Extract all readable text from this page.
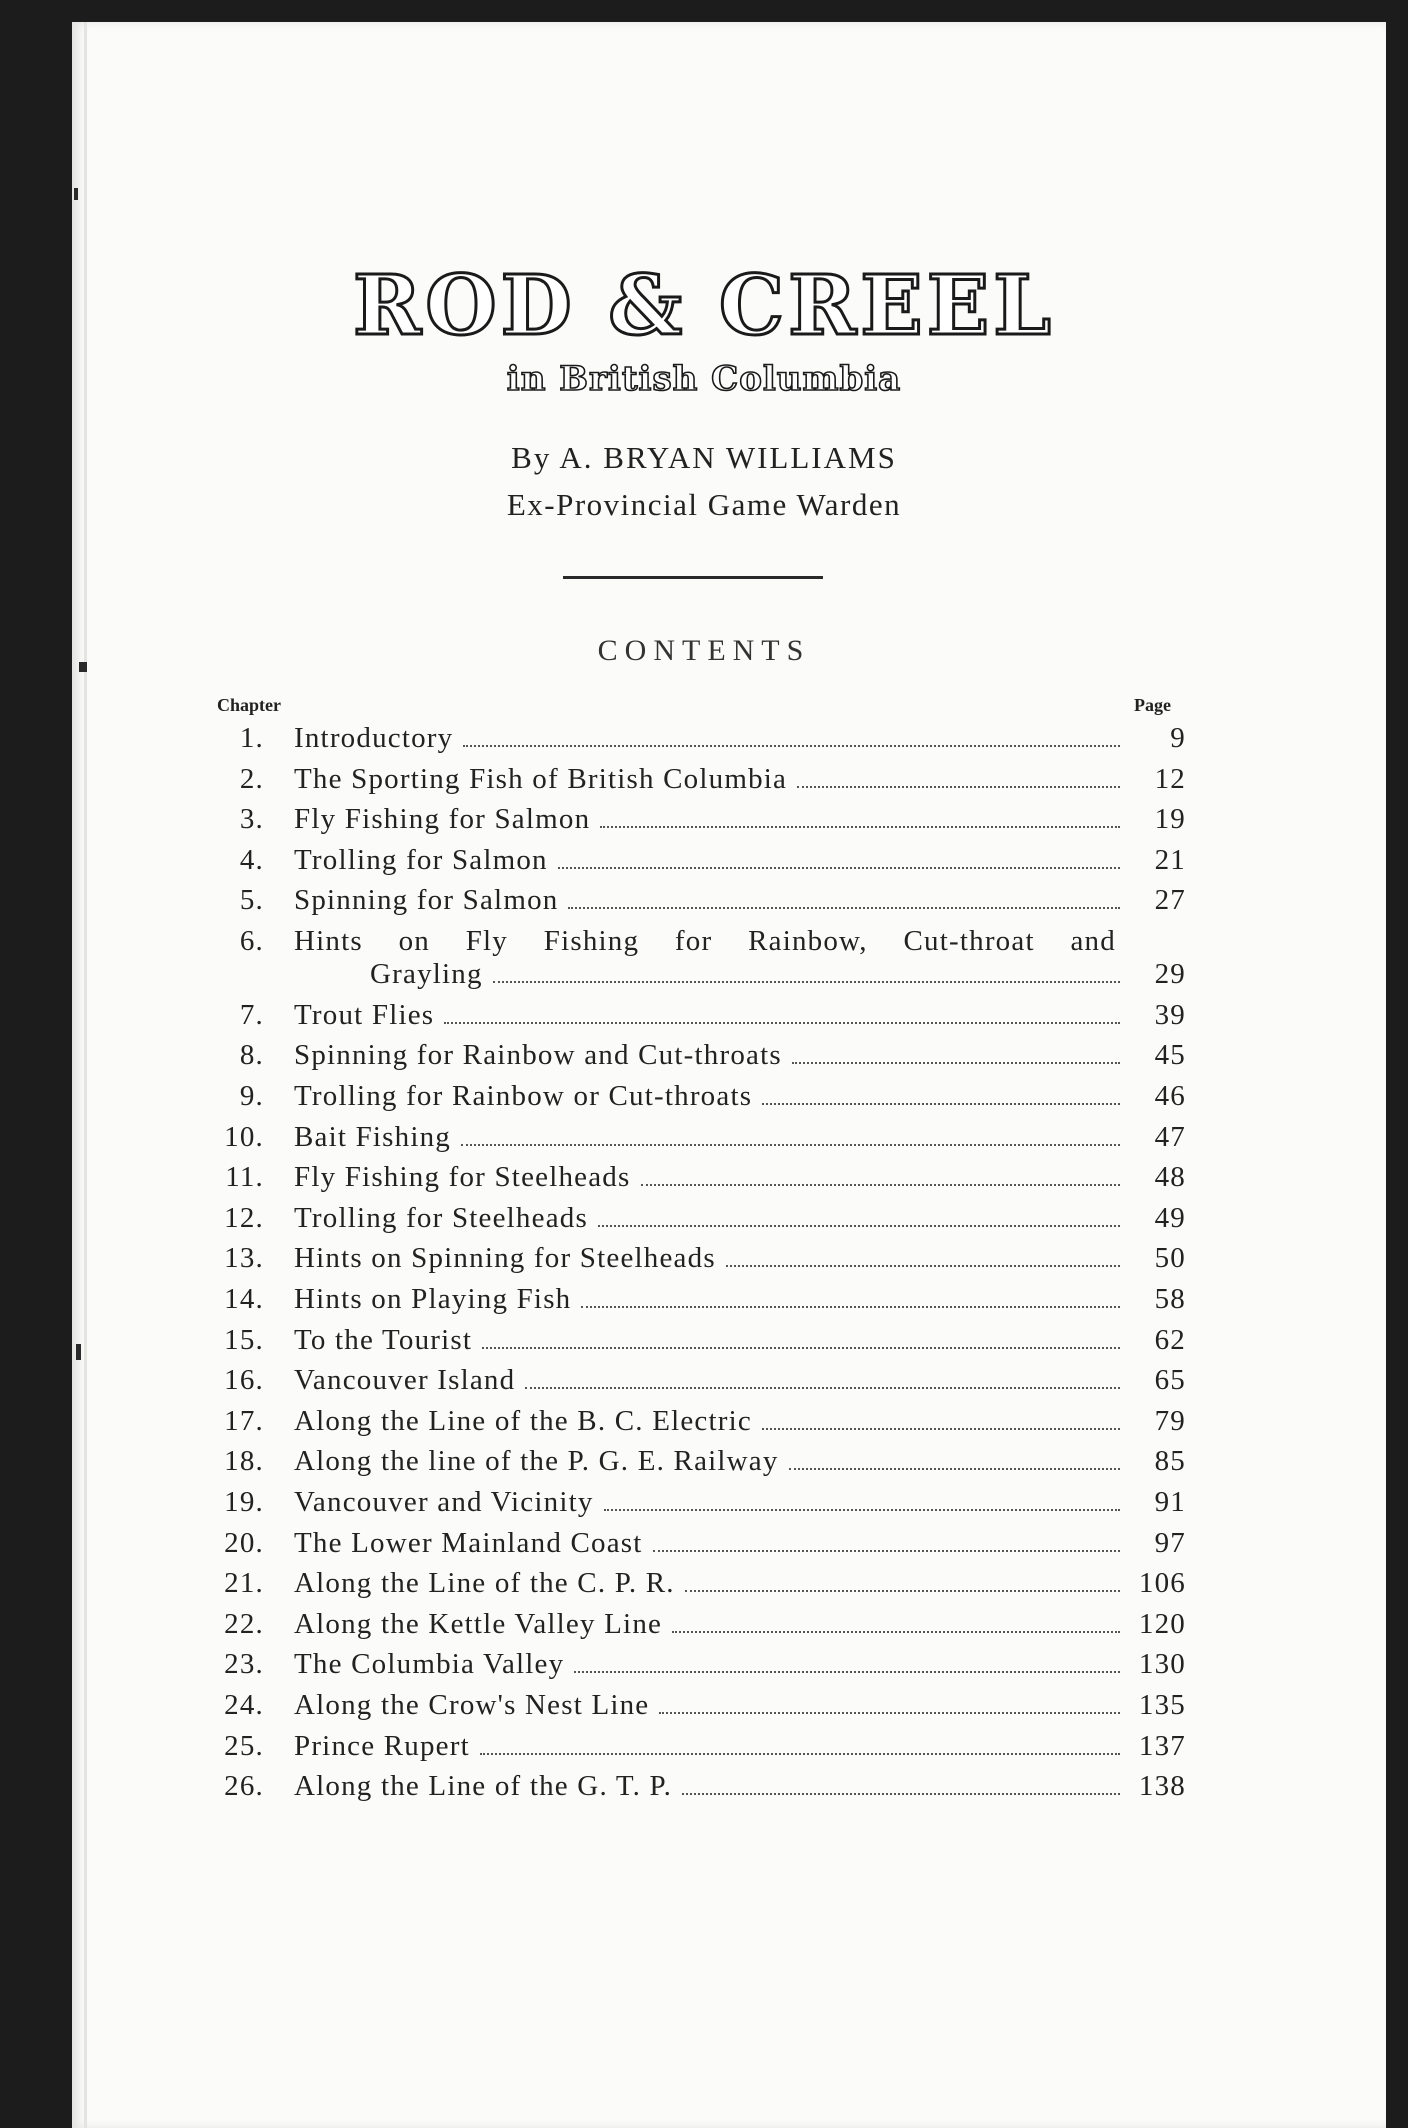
ROD & CREEL
in British Columbia
By A. BRYAN WILLIAMS
Ex-Provincial Game Warden
CONTENTS
Chapter	Page
1. Introductory	9
2. The Sporting Fish of British Columbia	12
3. Fly Fishing for Salmon	19
4. Trolling for Salmon	21
5. Spinning for Salmon	27
6. Hints on Fly Fishing for Rainbow, Cut-throat and
Grayling	29
7. Trout Flies	39
8. Spinning for Rainbow and Cut-throats	45
9. Trolling for Rainbow or Cut-throats	46
10. Bait Fishing	47
11. Fly Fishing for Steelheads	48
12. Trolling for Steelheads	49
13. Hints on Spinning for Steelheads	50
14. Hints on Playing Fish	58
15. To the Tourist	62
16. Vancouver Island	65
17. Along the Line of the B. C. Electric	79
18. Along the line of the P. G. E. Railway	85
19. Vancouver and Vicinity	91
20. The Lower Mainland Coast	97
21. Along the Line of the C. P. R.	106
22. Along the Kettle Valley Line	120
23. The Columbia Valley	130
24. Along the Crow's Nest Line	135
25. Prince Rupert	137
26. Along the Line of the G. T. P.	138
